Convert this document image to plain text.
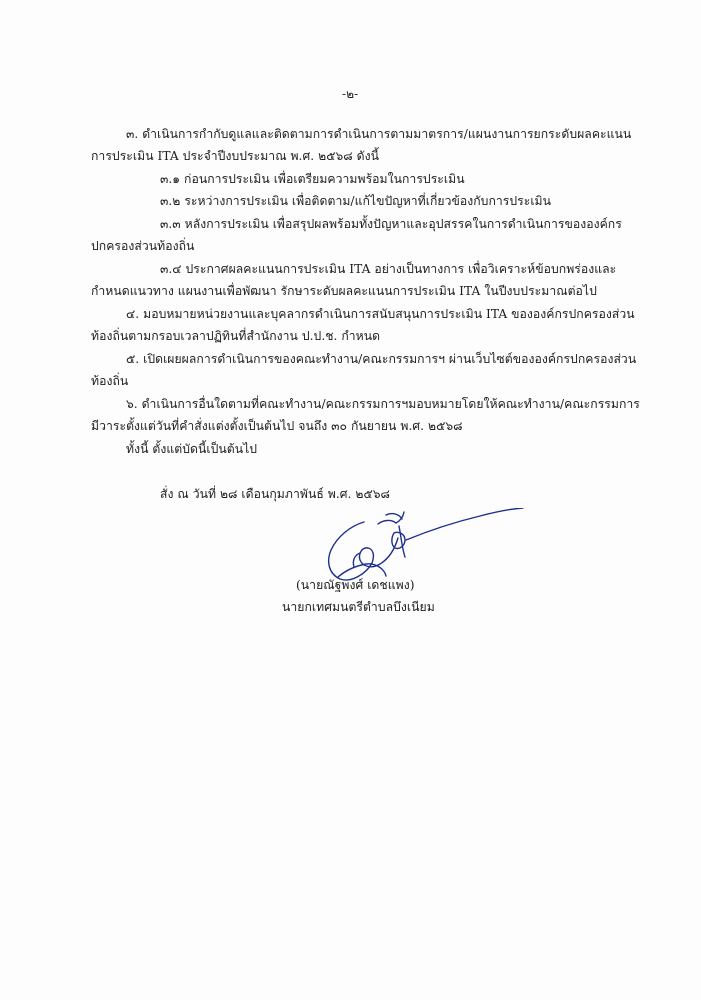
-๒-
๓. ดำเนินการกำกับดูแลและติดตามการดำเนินการตามมาตรการ/แผนงานการยกระดับผลคะแนน
การประเมิน ITA ประจำปีงบประมาณ พ.ศ. ๒๕๖๘ ดังนี้
๓.๑ ก่อนการประเมิน เพื่อเตรียมความพร้อมในการประเมิน
๓.๒ ระหว่างการประเมิน เพื่อติดตาม/แก้ไขปัญหาที่เกี่ยวข้องกับการประเมิน
๓.๓ หลังการประเมิน เพื่อสรุปผลพร้อมทั้งปัญหาและอุปสรรคในการดำเนินการขององค์กร
ปกครองส่วนท้องถิ่น
๓.๔ ประกาศผลคะแนนการประเมิน ITA อย่างเป็นทางการ เพื่อวิเคราะห์ข้อบกพร่องและ
กำหนดแนวทาง แผนงานเพื่อพัฒนา รักษาระดับผลคะแนนการประเมิน ITA ในปีงบประมาณต่อไป
๔. มอบหมายหน่วยงานและบุคลากรดำเนินการสนับสนุนการประเมิน ITA ขององค์กรปกครองส่วน
ท้องถิ่นตามกรอบเวลาปฏิทินที่สำนักงาน ป.ป.ช. กำหนด
๕. เปิดเผยผลการดำเนินการของคณะทำงาน/คณะกรรมการฯ ผ่านเว็บไซต์ขององค์กรปกครองส่วน
ท้องถิ่น
๖. ดำเนินการอื่นใดตามที่คณะทำงาน/คณะกรรมการฯมอบหมายโดยให้คณะทำงาน/คณะกรรมการ
มีวาระตั้งแต่วันที่คำสั่งแต่งตั้งเป็นต้นไป จนถึง ๓๐ กันยายน พ.ศ. ๒๕๖๘
ทั้งนี้ ตั้งแต่บัดนี้เป็นต้นไป
สั่ง ณ วันที่ ๒๘ เดือนกุมภาพันธ์ พ.ศ. ๒๕๖๘
(นายณัฐพงศ์ เดชแพง)
นายกเทศมนตรีตำบลบึงเนียม
